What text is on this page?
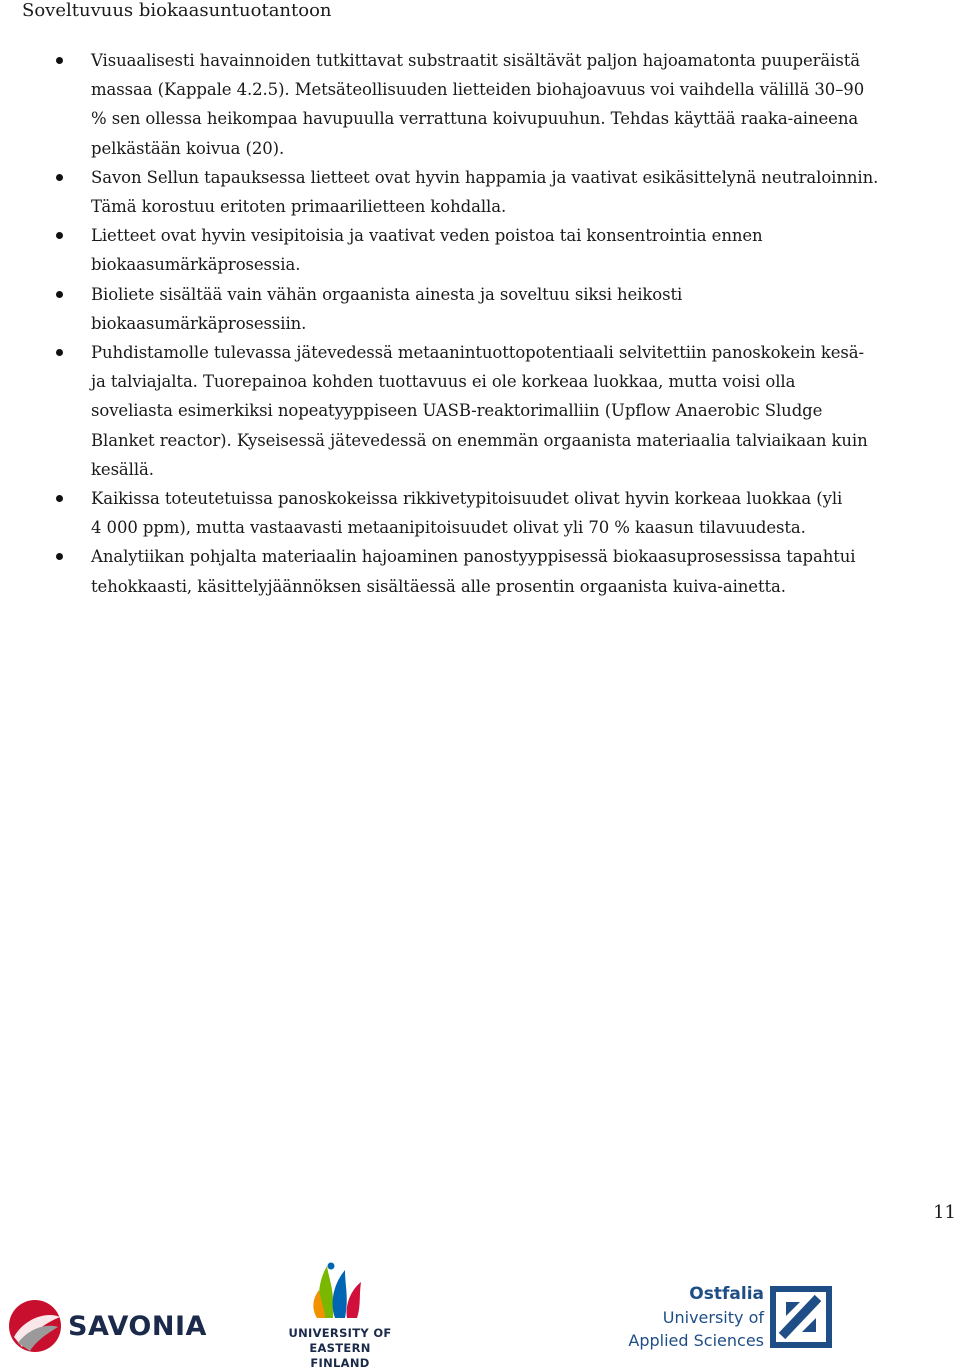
Soveltuvuus biokaasuntuotantoon
Visuaalisesti havainnoiden tutkittavat substraatit sisältävät paljon hajoamatonta puuperäistä
massaa (Kappale 4.2.5). Metsäteollisuuden lietteiden biohajoavuus voi vaihdella välillä 30–90
% sen ollessa heikompaa havupuulla verrattuna koivupuuhun. Tehdas käyttää raaka-aineena
pelkästään koivua (20).
Savon Sellun tapauksessa lietteet ovat hyvin happamia ja vaativat esikäsittelynä neutraloinnin.
Tämä korostuu eritoten primaarilietteen kohdalla.
Lietteet ovat hyvin vesipitoisia ja vaativat veden poistoa tai konsentrointia ennen
biokaasumärkäprosessia.
Bioliete sisältää vain vähän orgaanista ainesta ja soveltuu siksi heikosti
biokaasumärkäprosessiin.
Puhdistamolle tulevassa jätevedessä metaanintuottopotentiaali selvitettiin panoskokein kesä-
ja talviajalta. Tuorepainoa kohden tuottavuus ei ole korkeaa luokkaa, mutta voisi olla
soveliasta esimerkiksi nopeatyyppiseen UASB-reaktorimalliin (Upflow Anaerobic Sludge
Blanket reactor). Kyseisessä jätevedessä on enemmän orgaanista materiaalia talviaikaan kuin
kesällä.
Kaikissa toteutetuissa panoskokeissa rikkivetypitoisuudet olivat hyvin korkeaa luokkaa (yli
4 000 ppm), mutta vastaavasti metaanipitoisuudet olivat yli 70 % kaasun tilavuudesta.
Analytiikan pohjalta materiaalin hajoaminen panostyyppisessä biokaasuprosessissa tapahtui
tehokkaasti, käsittelyjäännöksen sisältäessä alle prosentin orgaanista kuiva-ainetta.
11
SAVONIA	UNIVERSITY OF
EASTERN FINLAND
Ostfalia
University of
Applied Sciences
